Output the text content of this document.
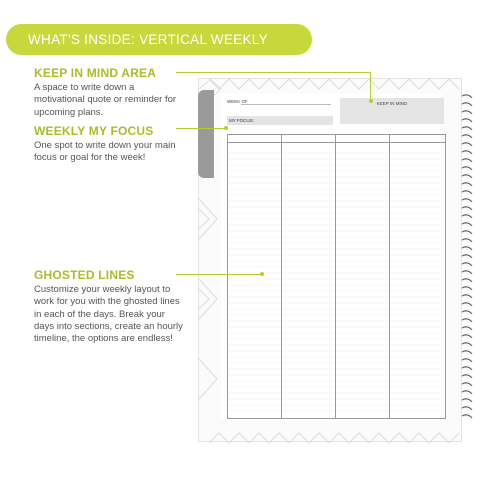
WHAT'S INSIDE: VERTICAL WEEKLY
KEEP IN MIND AREA

A space to write down a motivational quote or reminder for upcoming plans.

WEEKLY MY FOCUS

One spot to write down your main focus or goal for the week!

GHOSTED LINES

Customize your weekly layout to work for you with the ghosted lines in each of the days. Break your days into sections, create an hourly timeline, the options are endless!

WEEK OF	KEEP IN MIND
MY FOCUS:
